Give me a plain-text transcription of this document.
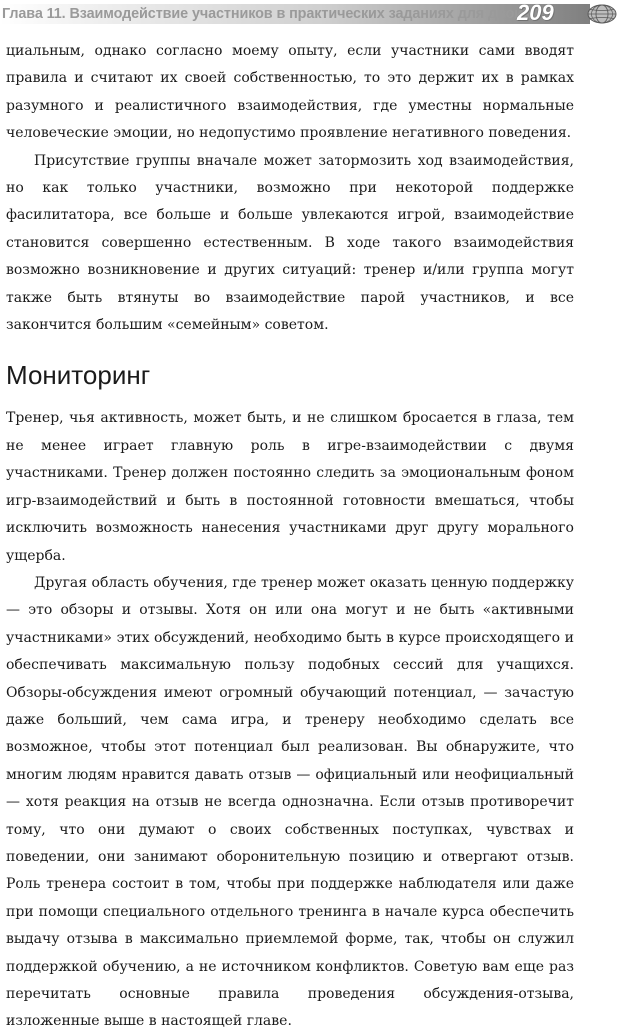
Глава 11. Взаимодействие участников в практических заданиях для двоих
209

циальным, однако согласно моему опыту, если участники сами вводят правила и считают их своей собственностью, то это держит их в рамках разумного и реалистичного взаимодействия, где уместны нормальные человеческие эмоции, но недопустимо проявление негативного поведения.

Присутствие группы вначале может затормозить ход взаимодействия, но как только участники, возможно при некоторой поддержке фасилитатора, все больше и больше увлекаются игрой, взаимодействие становится совершенно естественным. В ходе такого взаимодействия возможно возникновение и других ситуаций: тренер и/или группа могут также быть втянуты во взаимодействие парой участников, и все закончится большим «семейным» советом.

Мониторинг

Тренер, чья активность, может быть, и не слишком бросается в глаза, тем не менее играет главную роль в игре-взаимодействии с двумя участниками. Тренер должен постоянно следить за эмоциональным фоном игр-взаимодействий и быть в постоянной готовности вмешаться, чтобы исключить возможность нанесения участниками друг другу морального ущерба.

Другая область обучения, где тренер может оказать ценную поддержку — это обзоры и отзывы. Хотя он или она могут и не быть «активными участниками» этих обсуждений, необходимо быть в курсе происходящего и обеспечивать максимальную пользу подобных сессий для учащихся. Обзоры-обсуждения имеют огромный обучающий потенциал, — зачастую даже больший, чем сама игра, и тренеру необходимо сделать все возможное, чтобы этот потенциал был реализован. Вы обнаружите, что многим людям нравится давать отзыв — официальный или неофициальный — хотя реакция на отзыв не всегда однозначна. Если отзыв противоречит тому, что они думают о своих собственных поступках, чувствах и поведении, они занимают оборонительную позицию и отвергают отзыв. Роль тренера состоит в том, чтобы при поддержке наблюдателя или даже при помощи специального отдельного тренинга в начале курса обеспечить выдачу отзыва в максимально приемлемой форме, так, чтобы он служил поддержкой обучению, а не источником конфликтов. Советую вам еще раз перечитать основные правила проведения обсуждения-отзыва, изложенные выше в настоящей главе.
